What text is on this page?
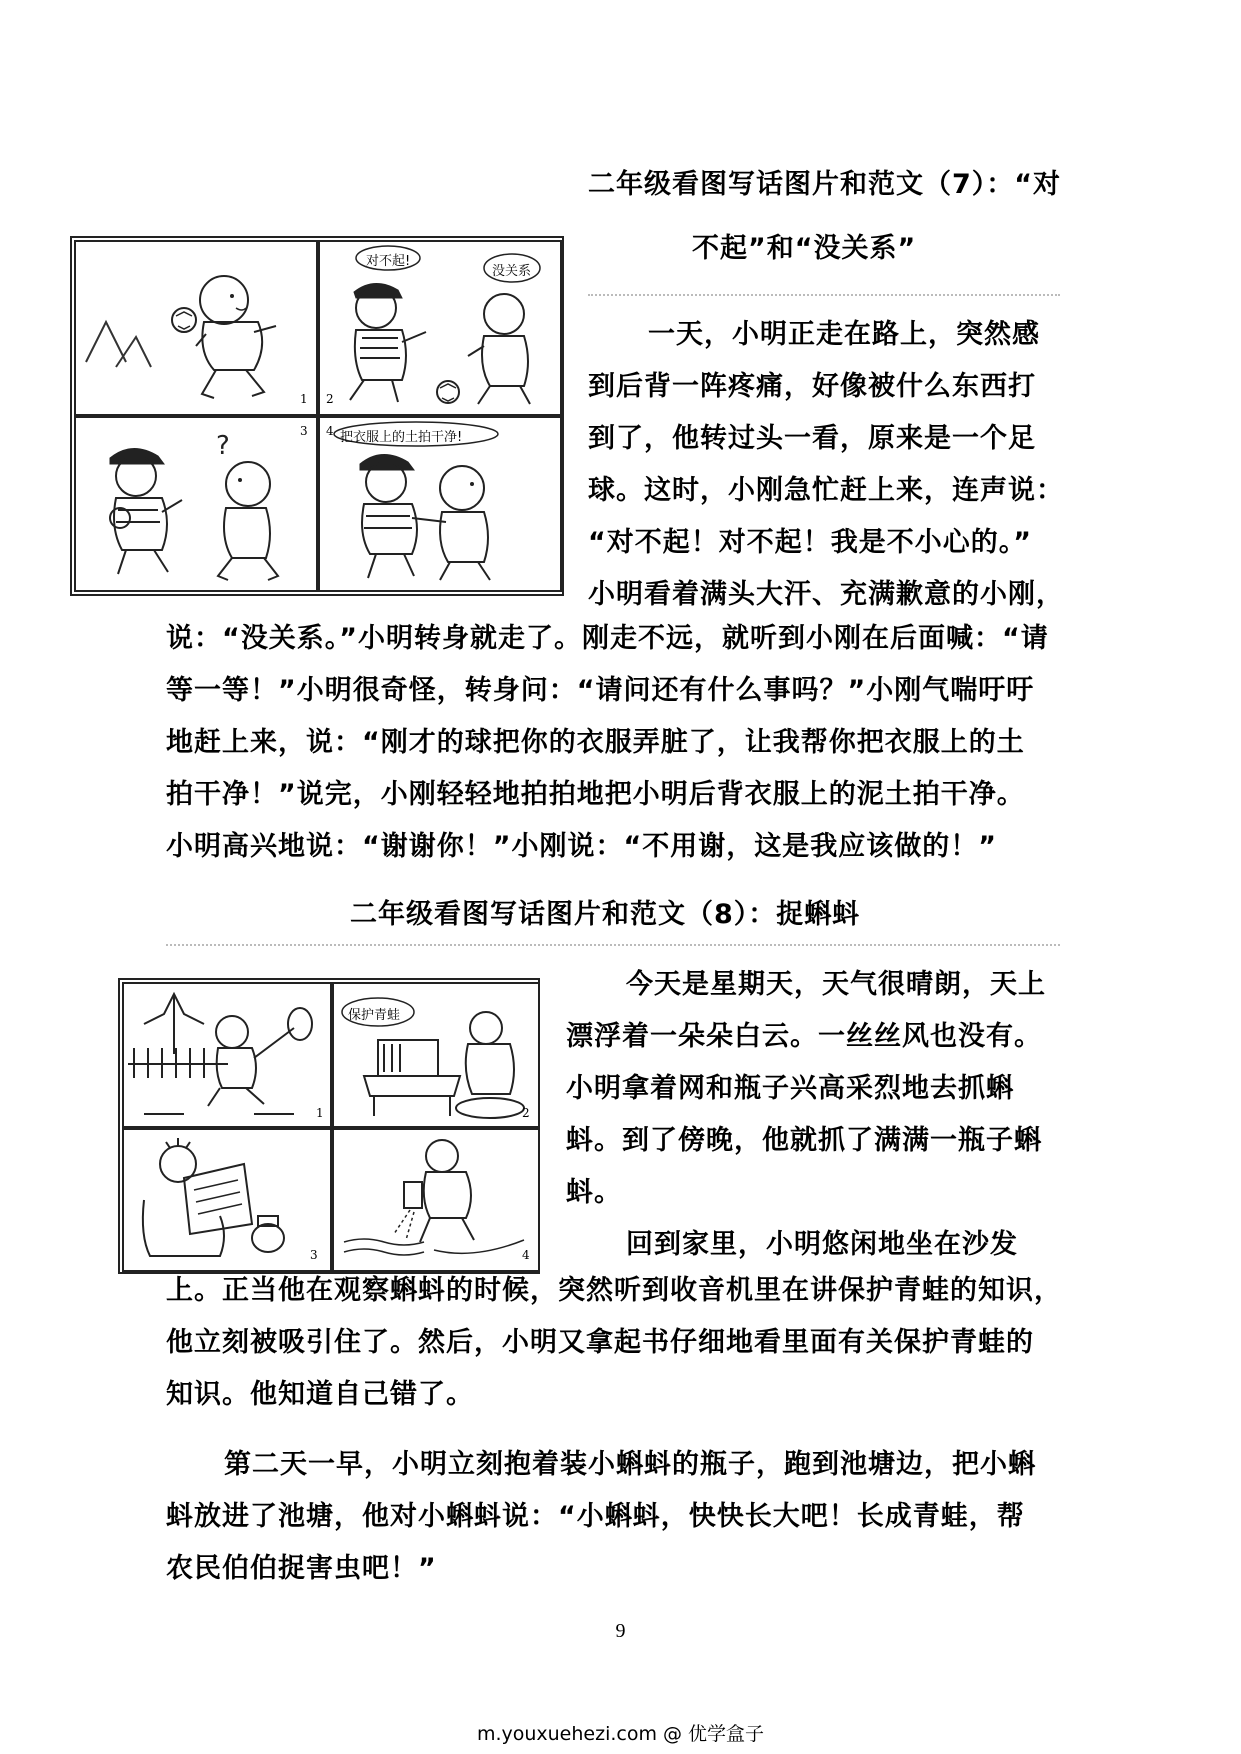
二年级看图写话图片和范文（7）：“对
不起”和“没关系”
1
对不起!
没关系
2
?	3 把衣服上的土拍干净!
4
一天，小明正走在路上，突然感
到后背一阵疼痛，好像被什么东西打
到了，他转过头一看，原来是一个足
球。这时，小刚急忙赶上来，连声说：
“对不起！对不起！我是不小心的。”
小明看着满头大汗、充满歉意的小刚，
说：“没关系。”小明转身就走了。刚走不远，就听到小刚在后面喊：“请
等一等！”小明很奇怪，转身问：“请问还有什么事吗？”小刚气喘吁吁
地赶上来，说：“刚才的球把你的衣服弄脏了，让我帮你把衣服上的土
拍干净！”说完，小刚轻轻地拍拍地把小明后背衣服上的泥土拍干净。
小明高兴地说：“谢谢你！”小刚说：“不用谢，这是我应该做的！”
二年级看图写话图片和范文（8）：捉蝌蚪
1
保护青蛙
2
3	4
今天是星期天，天气很晴朗，天上
漂浮着一朵朵白云。一丝丝风也没有。
小明拿着网和瓶子兴高采烈地去抓蝌
蚪。到了傍晚，他就抓了满满一瓶子蝌
蚪。
回到家里，小明悠闲地坐在沙发
上。正当他在观察蝌蚪的时候，突然听到收音机里在讲保护青蛙的知识，
他立刻被吸引住了。然后，小明又拿起书仔细地看里面有关保护青蛙的
知识。他知道自己错了。
第二天一早，小明立刻抱着装小蝌蚪的瓶子，跑到池塘边，把小蝌
蚪放进了池塘，他对小蝌蚪说：“小蝌蚪，快快长大吧！长成青蛙，帮
农民伯伯捉害虫吧！”
9
m.youxuehezi.com @ 优学盒子
